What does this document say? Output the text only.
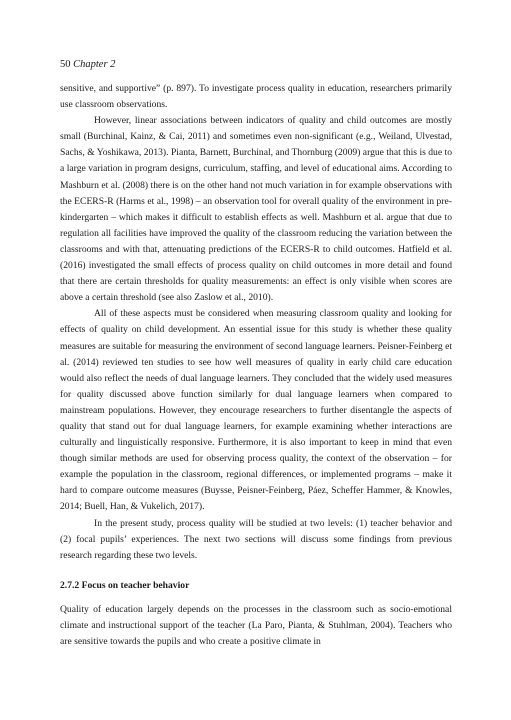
50 Chapter 2

sensitive, and supportive” (p. 897). To investigate process quality in education, researchers primarily use classroom observations.

However, linear associations between indicators of quality and child outcomes are mostly small (Burchinal, Kainz, & Cai, 2011) and sometimes even non-significant (e.g., Weiland, Ulvestad, Sachs, & Yoshikawa, 2013). Pianta, Barnett, Burchinal, and Thornburg (2009) argue that this is due to a large variation in program designs, curriculum, staffing, and level of educational aims. According to Mashburn et al. (2008) there is on the other hand not much variation in for example observations with the ECERS-R (Harms et al., 1998) – an observation tool for overall quality of the environment in pre-kindergarten – which makes it difficult to establish effects as well. Mashburn et al. argue that due to regulation all facilities have improved the quality of the classroom reducing the variation between the classrooms and with that, attenuating predictions of the ECERS-R to child outcomes. Hatfield et al. (2016) investigated the small effects of process quality on child outcomes in more detail and found that there are certain thresholds for quality measurements: an effect is only visible when scores are above a certain threshold (see also Zaslow et al., 2010).

All of these aspects must be considered when measuring classroom quality and looking for effects of quality on child development. An essential issue for this study is whether these quality measures are suitable for measuring the environment of second language learners. Peisner-Feinberg et al. (2014) reviewed ten studies to see how well measures of quality in early child care education would also reflect the needs of dual language learners. They concluded that the widely used measures for quality discussed above function similarly for dual language learners when compared to mainstream populations. However, they encourage researchers to further disentangle the aspects of quality that stand out for dual language learners, for example examining whether interactions are culturally and linguistically responsive. Furthermore, it is also important to keep in mind that even though similar methods are used for observing process quality, the context of the observation – for example the population in the classroom, regional differences, or implemented programs – make it hard to compare outcome measures (Buysse, Peisner-Feinberg, Páez, Scheffer Hammer, & Knowles, 2014; Buell, Han, & Vukelich, 2017).

In the present study, process quality will be studied at two levels: (1) teacher behavior and (2) focal pupils’ experiences. The next two sections will discuss some findings from previous research regarding these two levels.

2.7.2 Focus on teacher behavior

Quality of education largely depends on the processes in the classroom such as socio-emotional climate and instructional support of the teacher (La Paro, Pianta, & Stuhlman, 2004). Teachers who are sensitive towards the pupils and who create a positive climate in
